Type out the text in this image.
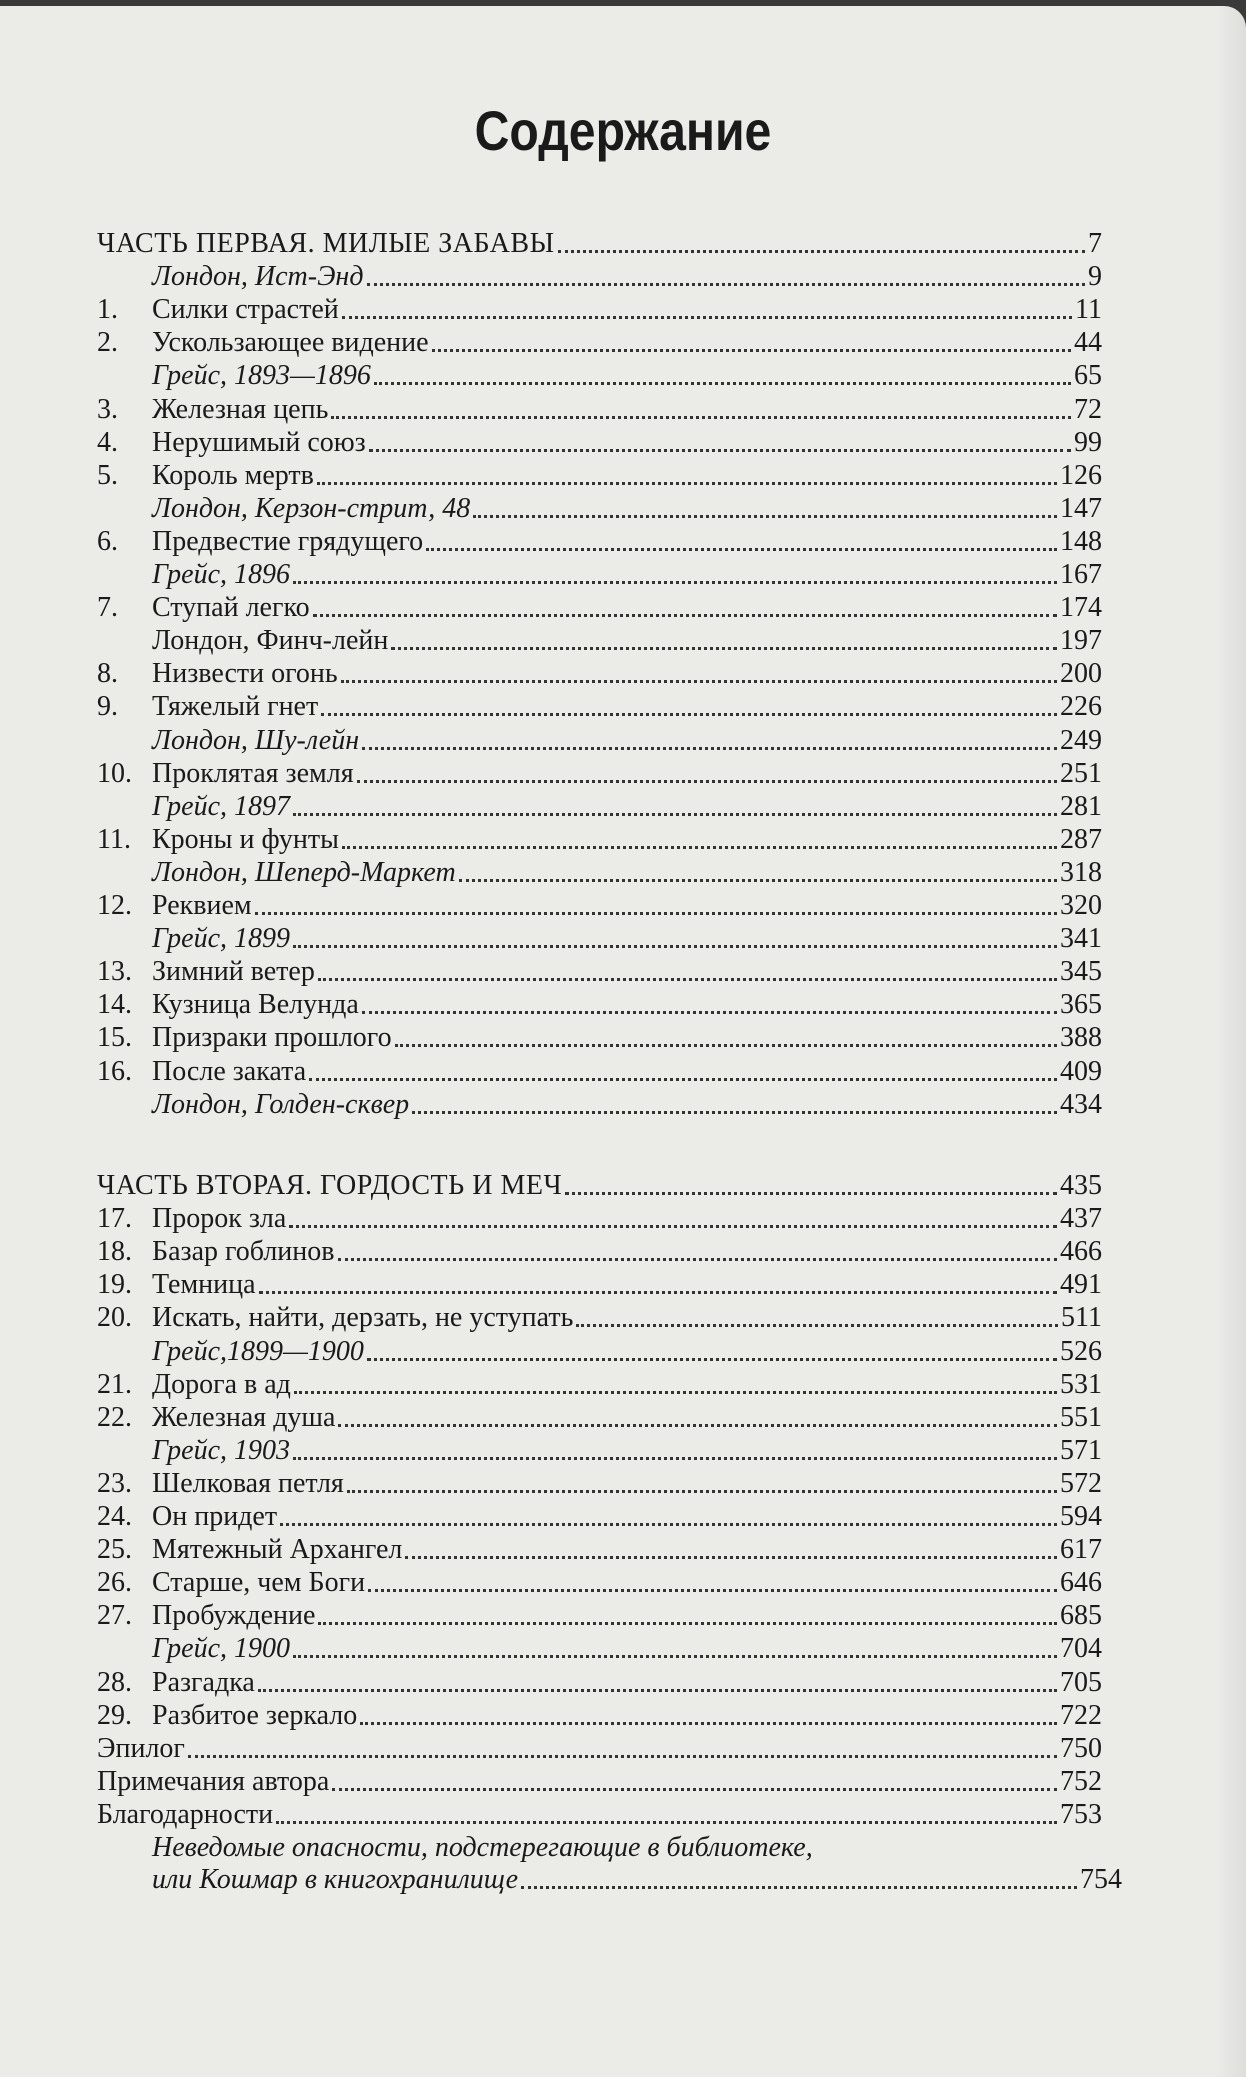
Содержание
ЧАСТЬ ПЕРВАЯ. МИЛЫЕ ЗАБАВЫ	7
Лондон, Ист-Энд	9
1.	Силки страстей	11
2.	Ускользающее видение	44
Грейс, 1893—1896	65
3.	Железная цепь	72
4.	Нерушимый союз	99
5.	Король мертв	126
Лондон, Керзон-стрит, 48	147
6.	Предвестие грядущего	148
Грейс, 1896	167
7.	Ступай легко	174
Лондон, Финч-лейн	197
8.	Низвести огонь	200
9.	Тяжелый гнет	226
Лондон, Шу-лейн	249
10. Проклятая земля	251
Грейс, 1897	281
11. Кроны и фунты	287
Лондон, Шеперд-Маркет	318
12. Реквием	320
Грейс, 1899	341
13. Зимний ветер	345
14. Кузница Велунда	365
15. Призраки прошлого	388
16. После заката	409
Лондон, Голден-сквер	434
ЧАСТЬ ВТОРАЯ. ГОРДОСТЬ И МЕЧ	435
17. Пророк зла	437
18. Базар гоблинов	466
19. Темница	491
20. Искать, найти, дерзать, не уступать	511
Грейс,1899—1900	526
21. Дорога в ад	531
22. Железная душа	551
Грейс, 1903	571
23. Шелковая петля	572
24. Он придет	594
25. Мятежный Архангел	617
26. Старше, чем Боги	646
27. Пробуждение	685
Грейс, 1900	704
28. Разгадка	705
29. Разбитое зеркало	722
Эпилог	750
Примечания автора	752
Благодарности	753
Неведомые опасности, подстерегающие в библиотеке,
или Кошмар в книгохранилище	754
